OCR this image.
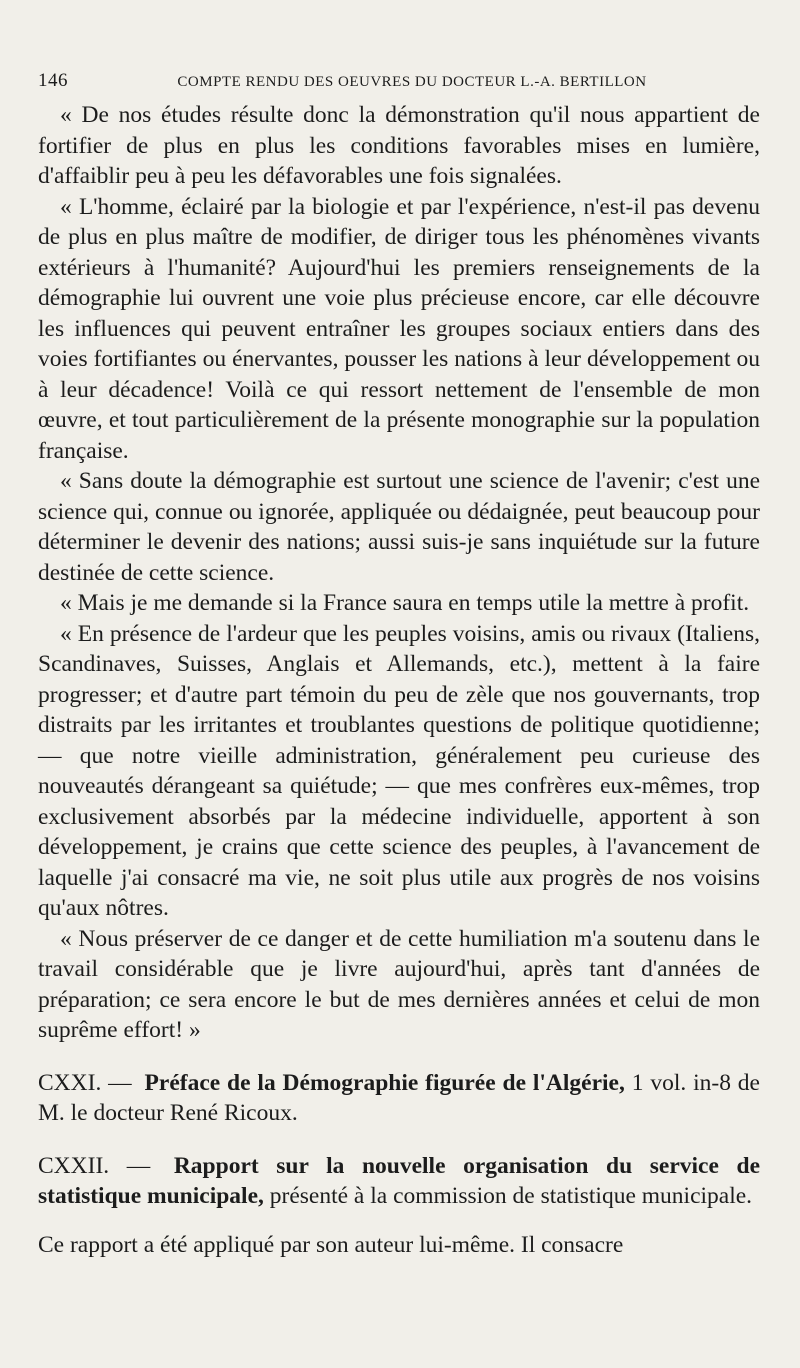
146	COMPTE RENDU DES OEUVRES DU DOCTEUR L.-A. BERTILLON

« De nos études résulte donc la démonstration qu'il nous appartient de fortifier de plus en plus les conditions favorables mises en lumière, d'affaiblir peu à peu les défavorables une fois signalées.

« L'homme, éclairé par la biologie et par l'expérience, n'est-il pas devenu de plus en plus maître de modifier, de diriger tous les phénomènes vivants extérieurs à l'humanité? Aujourd'hui les premiers renseignements de la démographie lui ouvrent une voie plus précieuse encore, car elle découvre les influences qui peuvent entraîner les groupes sociaux entiers dans des voies fortifiantes ou énervantes, pousser les nations à leur développement ou à leur décadence! Voilà ce qui ressort nettement de l'ensemble de mon œuvre, et tout particulièrement de la présente monographie sur la population française.

« Sans doute la démographie est surtout une science de l'avenir; c'est une science qui, connue ou ignorée, appliquée ou dédaignée, peut beaucoup pour déterminer le devenir des nations; aussi suis-je sans inquiétude sur la future destinée de cette science.

« Mais je me demande si la France saura en temps utile la mettre à profit.

« En présence de l'ardeur que les peuples voisins, amis ou rivaux (Italiens, Scandinaves, Suisses, Anglais et Allemands, etc.), mettent à la faire progresser; et d'autre part témoin du peu de zèle que nos gouvernants, trop distraits par les irritantes et troublantes questions de politique quotidienne; — que notre vieille administration, généralement peu curieuse des nouveautés dérangeant sa quiétude; — que mes confrères eux-mêmes, trop exclusivement absorbés par la médecine individuelle, apportent à son développement, je crains que cette science des peuples, à l'avancement de laquelle j'ai consacré ma vie, ne soit plus utile aux progrès de nos voisins qu'aux nôtres.

« Nous préserver de ce danger et de cette humiliation m'a soutenu dans le travail considérable que je livre aujourd'hui, après tant d'années de préparation; ce sera encore le but de mes dernières années et celui de mon suprême effort! »

CXXI. — Préface de la Démographie figurée de l'Algérie, 1 vol. in-8 de M. le docteur René Ricoux.

CXXII. — Rapport sur la nouvelle organisation du service de statistique municipale, présenté à la commission de statistique municipale.

Ce rapport a été appliqué par son auteur lui-même. Il consacre
